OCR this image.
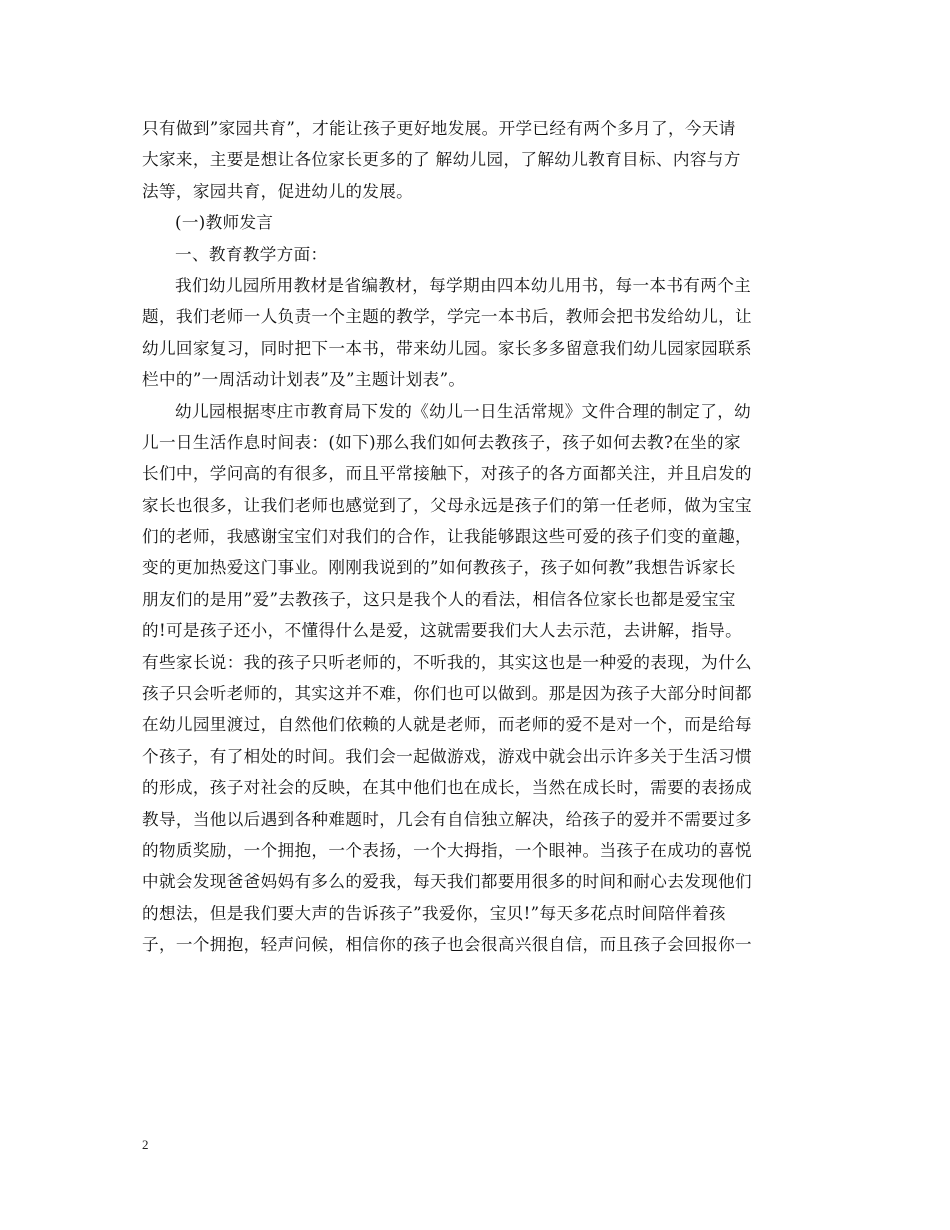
只有做到”家园共育”，才能让孩子更好地发展。开学已经有两个多月了，今天请
大家来，主要是想让各位家长更多的了 解幼儿园，了解幼儿教育目标、内容与方
法等，家园共育，促进幼儿的发展。
(一)教师发言
一、教育教学方面：
我们幼儿园所用教材是省编教材，每学期由四本幼儿用书，每一本书有两个主
题，我们老师一人负责一个主题的教学，学完一本书后，教师会把书发给幼儿，让
幼儿回家复习，同时把下一本书，带来幼儿园。家长多多留意我们幼儿园家园联系
栏中的”一周活动计划表”及”主题计划表”。
幼儿园根据枣庄市教育局下发的《幼儿一日生活常规》文件合理的制定了，幼
儿一日生活作息时间表：(如下)那么我们如何去教孩子，孩子如何去教?在坐的家
长们中，学问高的有很多，而且平常接触下，对孩子的各方面都关注，并且启发的
家长也很多，让我们老师也感觉到了，父母永远是孩子们的第一任老师，做为宝宝
们的老师，我感谢宝宝们对我们的合作，让我能够跟这些可爱的孩子们变的童趣，
变的更加热爱这门事业。刚刚我说到的”如何教孩子，孩子如何教”我想告诉家长
朋友们的是用”爱”去教孩子，这只是我个人的看法，相信各位家长也都是爱宝宝
的!可是孩子还小，不懂得什么是爱，这就需要我们大人去示范，去讲解，指导。
有些家长说：我的孩子只听老师的，不听我的，其实这也是一种爱的表现，为什么
孩子只会听老师的，其实这并不难，你们也可以做到。那是因为孩子大部分时间都
在幼儿园里渡过，自然他们依赖的人就是老师，而老师的爱不是对一个，而是给每
个孩子，有了相处的时间。我们会一起做游戏，游戏中就会出示许多关于生活习惯
的形成，孩子对社会的反映，在其中他们也在成长，当然在成长时，需要的表扬成
教导，当他以后遇到各种难题时，几会有自信独立解决，给孩子的爱并不需要过多
的物质奖励，一个拥抱，一个表扬，一个大拇指，一个眼神。当孩子在成功的喜悦
中就会发现爸爸妈妈有多么的爱我，每天我们都要用很多的时间和耐心去发现他们
的想法，但是我们要大声的告诉孩子”我爱你，宝贝!”每天多花点时间陪伴着孩
子，一个拥抱，轻声问候，相信你的孩子也会很高兴很自信，而且孩子会回报你一
2
